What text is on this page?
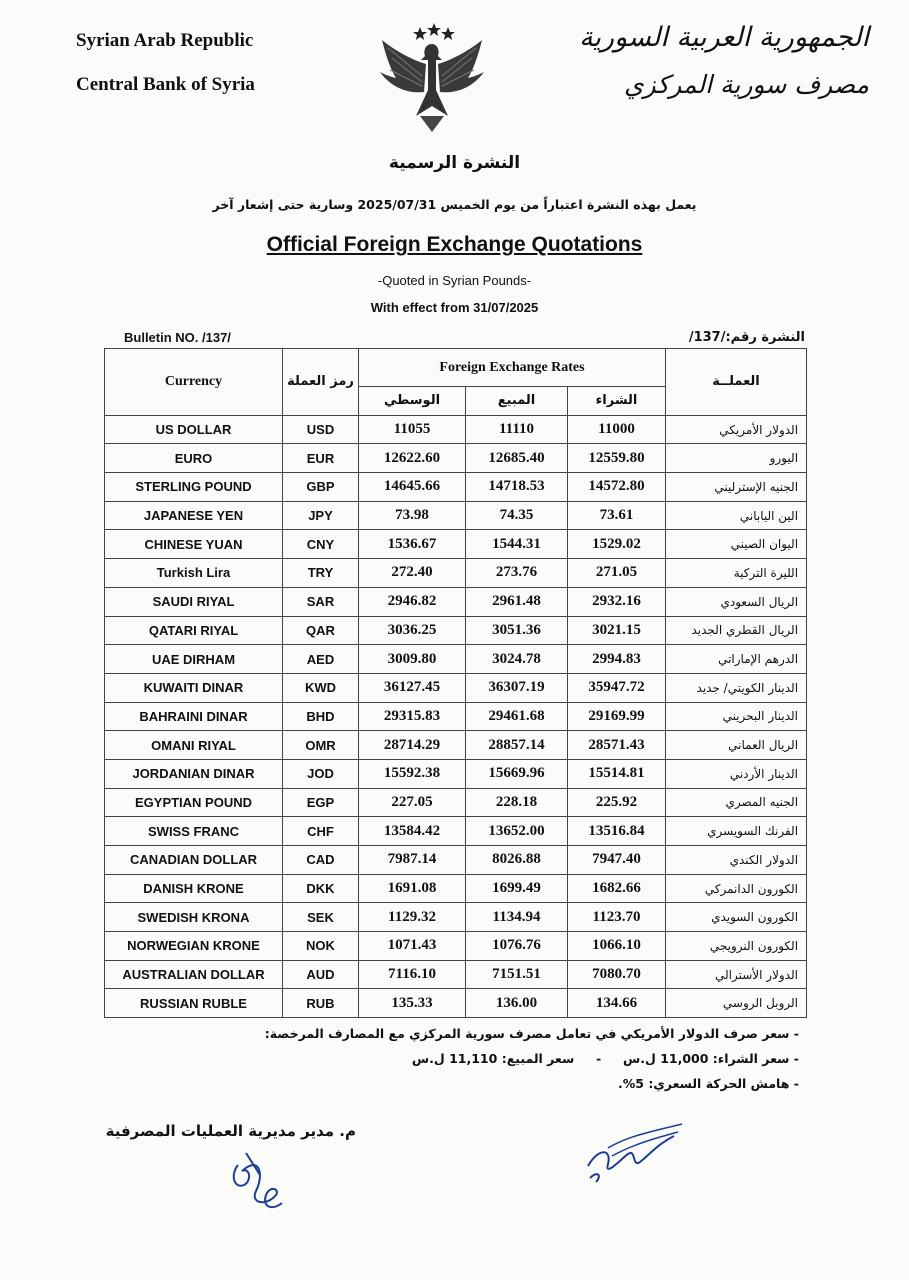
Syrian Arab Republic
Central Bank of Syria
الجمهورية العربية السورية
مصرف سورية المركزي
النشرة الرسمية
يعمل بهذه النشرة اعتباراً من يوم الخميس 2025/07/31 وسارية حتى إشعار آخر
Official Foreign Exchange Quotations
-Quoted in Syrian Pounds-
With effect from 31/07/2025
Bulletin NO. /137/	النشرة رقم:/137/
Currency	رمز العملة	Foreign Exchange Rates			العملــة
		الوسطي	المبيع	الشراء	
US DOLLAR	USD	11055	11110	11000	الدولار الأمريكي
EURO	EUR	12622.60	12685.40	12559.80	اليورو
STERLING POUND	GBP	14645.66	14718.53	14572.80	الجنيه الإسترليني
JAPANESE YEN	JPY	73.98	74.35	73.61	الين الياباني
CHINESE YUAN	CNY	1536.67	1544.31	1529.02	اليوان الصيني
Turkish Lira	TRY	272.40	273.76	271.05	الليرة التركية
SAUDI RIYAL	SAR	2946.82	2961.48	2932.16	الريال السعودي
QATARI RIYAL	QAR	3036.25	3051.36	3021.15	الريال القطري الجديد
UAE DIRHAM	AED	3009.80	3024.78	2994.83	الدرهم الإماراتي
KUWAITI DINAR	KWD	36127.45	36307.19	35947.72	الدينار الكويتي/ جديد
BAHRAINI DINAR	BHD	29315.83	29461.68	29169.99	الدينار البحريني
OMANI RIYAL	OMR	28714.29	28857.14	28571.43	الريال العماني
JORDANIAN DINAR	JOD	15592.38	15669.96	15514.81	الدينار الأردني
EGYPTIAN POUND	EGP	227.05	228.18	225.92	الجنيه المصري
SWISS FRANC	CHF	13584.42	13652.00	13516.84	الفرنك السويسري
CANADIAN DOLLAR	CAD	7987.14	8026.88	7947.40	الدولار الكندي
DANISH KRONE	DKK	1691.08	1699.49	1682.66	الكورون الدانمركي
SWEDISH KRONA	SEK	1129.32	1134.94	1123.70	الكورون السويدي
NORWEGIAN KRONE	NOK	1071.43	1076.76	1066.10	الكورون النرويجي
AUSTRALIAN DOLLAR	AUD	7116.10	7151.51	7080.70	الدولار الأسترالي
RUSSIAN RUBLE	RUB	135.33	136.00	134.66	الروبل الروسي
- سعر صرف الدولار الأمريكي في تعامل مصرف سورية المركزي مع المصارف المرخصة:
- سعر الشراء: 11,000 ل.س - سعر المبيع: 11,110 ل.س
- هامش الحركة السعري: 5%.
م. مدير مديرية العمليات المصرفية
